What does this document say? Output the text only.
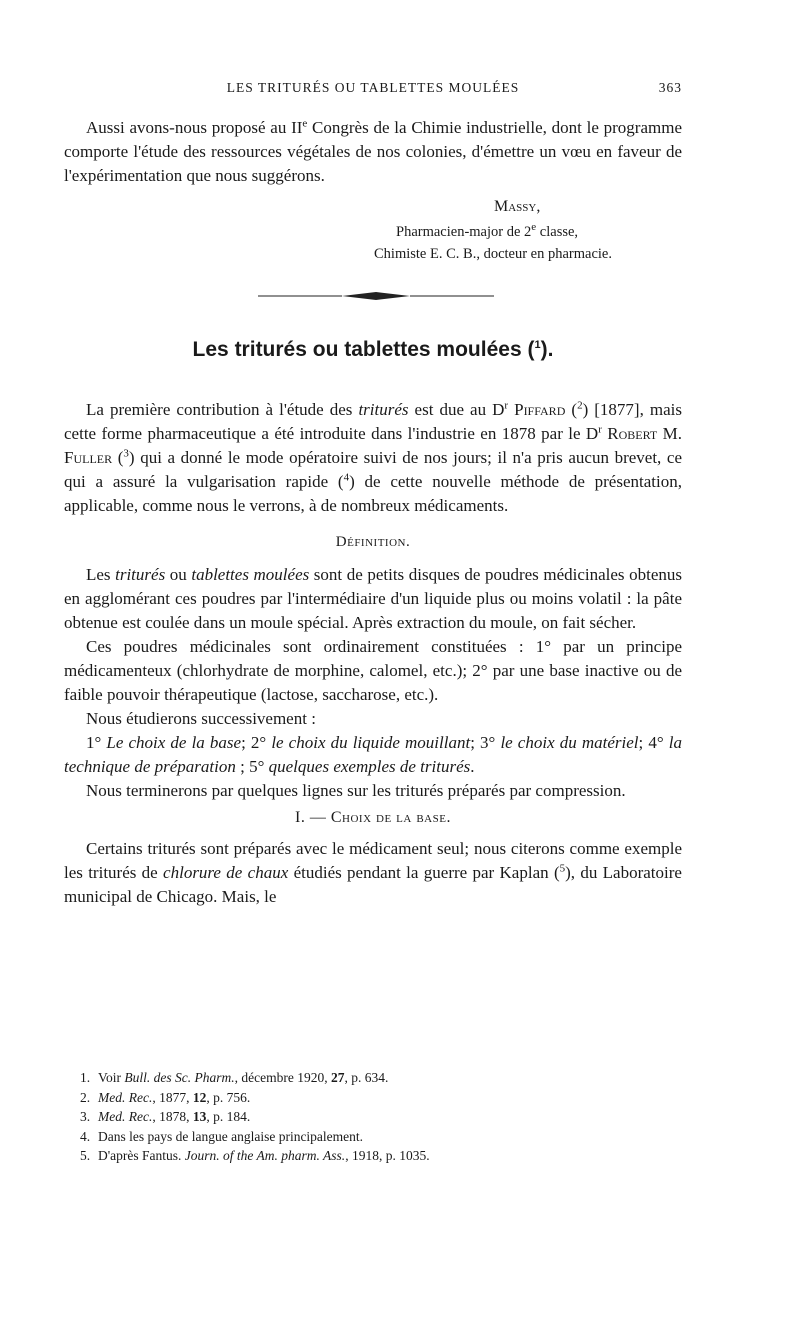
LES TRITURÉS OU TABLETTES MOULÉES	363

Aussi avons-nous proposé au IIe Congrès de la Chimie industrielle, dont le programme comporte l'étude des ressources végétales de nos colonies, d'émettre un vœu en faveur de l'expérimentation que nous suggérons.

Massy,
Pharmacien-major de 2e classe,
Chimiste E. C. B., docteur en pharmacie.
Les triturés ou tablettes moulées ($^1$).

La première contribution à l'étude des triturés est due au $D^r$ Piffard ($^2$) [1877], mais cette forme pharmaceutique a été introduite dans l'industrie en 1878 par le $D^r$ Robert M. Fuller ($^3$) qui a donné le mode opératoire suivi de nos jours; il n'a pris aucun brevet, ce qui a assuré la vulgarisation rapide ($^4$) de cette nouvelle méthode de présentation, applicable, comme nous le verrons, à de nombreux médicaments.

Définition.

Les triturés ou tablettes moulées sont de petits disques de poudres médicinales obtenus en agglomérant ces poudres par l'intermédiaire d'un liquide plus ou moins volatil : la pâte obtenue est coulée dans un moule spécial. Après extraction du moule, on fait sécher.

Ces poudres médicinales sont ordinairement constituées : 1° par un principe médicamenteux (chlorhydrate de morphine, calomel, etc.); 2° par une base inactive ou de faible pouvoir thérapeutique (lactose, saccharose, etc.).

Nous étudierons successivement :

1° Le choix de la base; 2° le choix du liquide mouillant; 3° le choix du matériel; 4° la technique de préparation ; 5° quelques exemples de triturés.

Nous terminerons par quelques lignes sur les triturés préparés par compression.

I. — Choix de la base.

Certains triturés sont préparés avec le médicament seul; nous citerons comme exemple les triturés de chlorure de chaux étudiés pendant la guerre par Kaplan ($^5$), du Laboratoire municipal de Chicago. Mais, le

1. Voir Bull. des Sc. Pharm., décembre 1920, 27, p. 634.

2. Med. Rec., 1877, 12, p. 756.

3. Med. Rec., 1878, 13, p. 184.

4. Dans les pays de langue anglaise principalement.

5. D'après Fantus. Journ. of the Am. pharm. Ass., 1918, p. 1035.
